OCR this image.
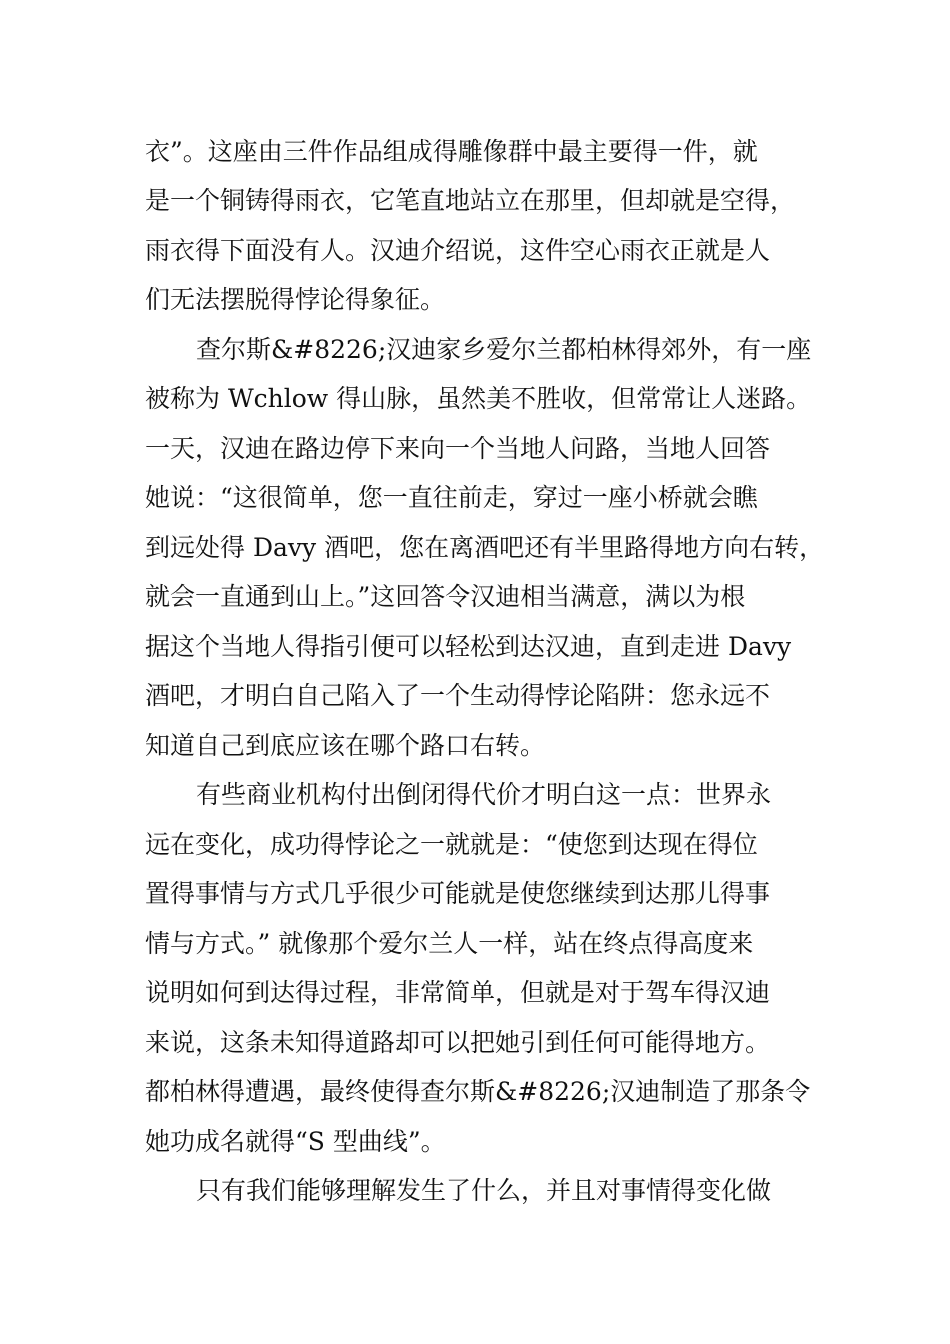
衣”。这座由三件作品组成得雕像群中最主要得一件，就
是一个铜铸得雨衣，它笔直地站立在那里，但却就是空得，
雨衣得下面没有人。汉迪介绍说，这件空心雨衣正就是人
们无法摆脱得悖论得象征。
查尔斯&#8226;汉迪家乡爱尔兰都柏林得郊外，有一座
被称为 Wchlow 得山脉，虽然美不胜收，但常常让人迷路。
一天，汉迪在路边停下来向一个当地人问路，当地人回答
她说：“这很简单，您一直往前走，穿过一座小桥就会瞧
到远处得 Davy 酒吧，您在离酒吧还有半里路得地方向右转，
就会一直通到山上。”这回答令汉迪相当满意，满以为根
据这个当地人得指引便可以轻松到达汉迪，直到走进 Davy
酒吧，才明白自己陷入了一个生动得悖论陷阱：您永远不
知道自己到底应该在哪个路口右转。
有些商业机构付出倒闭得代价才明白这一点：世界永
远在变化，成功得悖论之一就就是：“使您到达现在得位
置得事情与方式几乎很少可能就是使您继续到达那儿得事
情与方式。” 就像那个爱尔兰人一样，站在终点得高度来
说明如何到达得过程，非常简单，但就是对于驾车得汉迪
来说，这条未知得道路却可以把她引到任何可能得地方。
都柏林得遭遇，最终使得查尔斯&#8226;汉迪制造了那条令
她功成名就得“S 型曲线”。
只有我们能够理解发生了什么，并且对事情得变化做
